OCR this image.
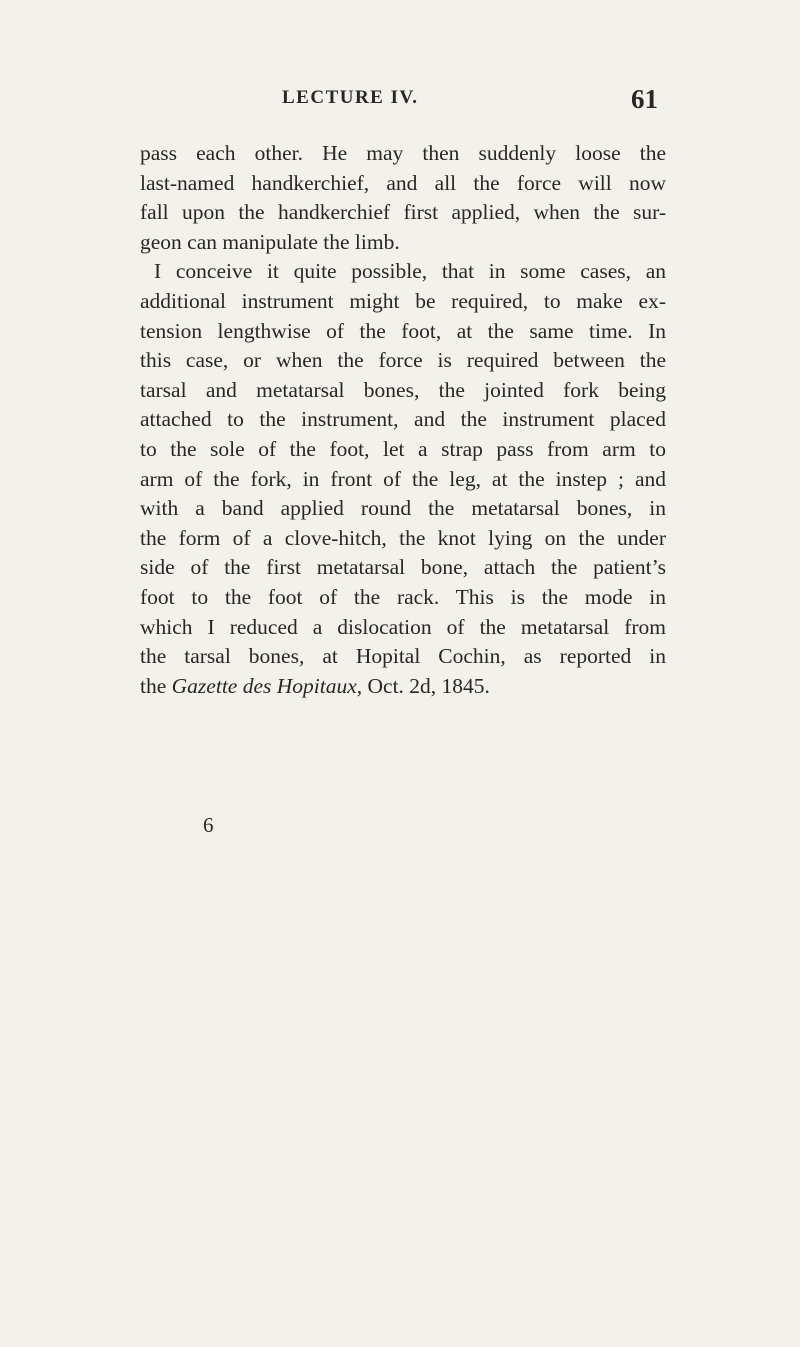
LECTURE IV.	61
pass each other. He may then suddenly loose the
last-named handkerchief, and all the force will now
fall upon the handkerchief first applied, when the sur-
geon can manipulate the limb.
I conceive it quite possible, that in some cases, an
additional instrument might be required, to make ex-
tension lengthwise of the foot, at the same time. In
this case, or when the force is required between the
tarsal and metatarsal bones, the jointed fork being
attached to the instrument, and the instrument placed
to the sole of the foot, let a strap pass from arm to
arm of the fork, in front of the leg, at the instep ; and
with a band applied round the metatarsal bones, in
the form of a clove-hitch, the knot lying on the under
side of the first metatarsal bone, attach the patient’s
foot to the foot of the rack. This is the mode in
which I reduced a dislocation of the metatarsal from
the tarsal bones, at Hopital Cochin, as reported in
the Gazette des Hopitaux, Oct. 2d, 1845.
6
